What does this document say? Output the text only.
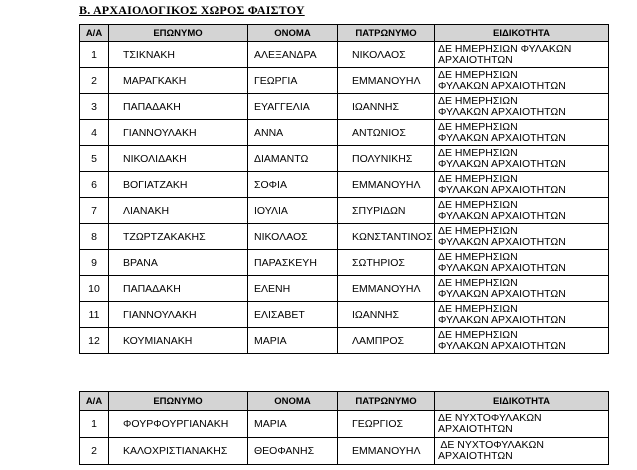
Β. ΑΡΧΑΙΟΛΟΓΙΚΟΣ ΧΩΡΟΣ ΦΑΙΣΤΟΥ
Α/Α	ΕΠΩΝΥΜΟ	ΟΝΟΜΑ	ΠΑΤΡΩΝΥΜΟ	ΕΙΔΙΚΟΤΗΤΑ
1	ΤΣΙΚΝΑΚΗ	ΑΛΕΞΑΝΔΡΑ	ΝΙΚΟΛΑΟΣ	ΔΕ ΗΜΕΡΗΣΙΩΝ ΦΥΛΑΚΩΝ
ΑΡΧΑΙΟΤΗΤΩΝ

2	ΜΑΡΑΓΚΑΚΗ	ΓΕΩΡΓΙΑ	ΕΜΜΑΝΟΥΗΛ	ΔΕ ΗΜΕΡΗΣΙΩΝ
ΦΥΛΑΚΩΝ ΑΡΧΑΙΟΤΗΤΩΝ

3	ΠΑΠΑΔΑΚΗ	ΕΥΑΓΓΕΛΙΑ	ΙΩΑΝΝΗΣ	ΔΕ ΗΜΕΡΗΣΙΩΝ
ΦΥΛΑΚΩΝ ΑΡΧΑΙΟΤΗΤΩΝ

4	ΓΙΑΝΝΟΥΛΑΚΗ	ΑΝΝΑ	ΑΝΤΩΝΙΟΣ	ΔΕ ΗΜΕΡΗΣΙΩΝ
ΦΥΛΑΚΩΝ ΑΡΧΑΙΟΤΗΤΩΝ

5	ΝΙΚΟΛΙΔΑΚΗ	ΔΙΑΜΑΝΤΩ	ΠΟΛΥΝΙΚΗΣ	ΔΕ ΗΜΕΡΗΣΙΩΝ
ΦΥΛΑΚΩΝ ΑΡΧΑΙΟΤΗΤΩΝ

6	ΒΟΓΙΑΤΖΑΚΗ	ΣΟΦΙΑ	ΕΜΜΑΝΟΥΗΛ	ΔΕ ΗΜΕΡΗΣΙΩΝ
ΦΥΛΑΚΩΝ ΑΡΧΑΙΟΤΗΤΩΝ

7	ΛΙΑΝΑΚΗ	ΙΟΥΛΙΑ	ΣΠΥΡΙΔΩΝ	ΔΕ ΗΜΕΡΗΣΙΩΝ
ΦΥΛΑΚΩΝ ΑΡΧΑΙΟΤΗΤΩΝ

8	ΤΖΩΡΤΖΑΚΑΚΗΣ	ΝΙΚΟΛΑΟΣ	ΚΩΝΣΤΑΝΤΙΝΟΣ	ΔΕ ΗΜΕΡΗΣΙΩΝ
ΦΥΛΑΚΩΝ ΑΡΧΑΙΟΤΗΤΩΝ

9	ΒΡΑΝΑ	ΠΑΡΑΣΚΕΥΗ	ΣΩΤΗΡΙΟΣ	ΔΕ ΗΜΕΡΗΣΙΩΝ
ΦΥΛΑΚΩΝ ΑΡΧΑΙΟΤΗΤΩΝ

10	ΠΑΠΑΔΑΚΗ	ΕΛΕΝΗ	ΕΜΜΑΝΟΥΗΛ	ΔΕ ΗΜΕΡΗΣΙΩΝ
ΦΥΛΑΚΩΝ ΑΡΧΑΙΟΤΗΤΩΝ

11	ΓΙΑΝΝΟΥΛΑΚΗ	ΕΛΙΣΑΒΕΤ	ΙΩΑΝΝΗΣ	ΔΕ ΗΜΕΡΗΣΙΩΝ
ΦΥΛΑΚΩΝ ΑΡΧΑΙΟΤΗΤΩΝ

12	ΚΟΥΜΙΑΝΑΚΗ	ΜΑΡΙΑ	ΛΑΜΠΡΟΣ	ΔΕ ΗΜΕΡΗΣΙΩΝ
ΦΥΛΑΚΩΝ ΑΡΧΑΙΟΤΗΤΩΝ
Α/Α	ΕΠΩΝΥΜΟ	ΟΝΟΜΑ	ΠΑΤΡΩΝΥΜΟ	ΕΙΔΙΚΟΤΗΤΑ
1	ΦΟΥΡΦΟΥΡΓΙΑΝΑΚΗ	ΜΑΡΙΑ	ΓΕΩΡΓΙΟΣ	ΔΕ ΝΥΧΤΟΦΥΛΑΚΩΝ
ΑΡΧΑΙΟΤΗΤΩΝ

2	ΚΑΛΟΧΡΙΣΤΙΑΝΑΚΗΣ	ΘΕΟΦΑΝΗΣ	ΕΜΜΑΝΟΥΗΛ	ΔΕ ΝΥΧΤΟΦΥΛΑΚΩΝ
ΑΡΧΑΙΟΤΗΤΩΝ
